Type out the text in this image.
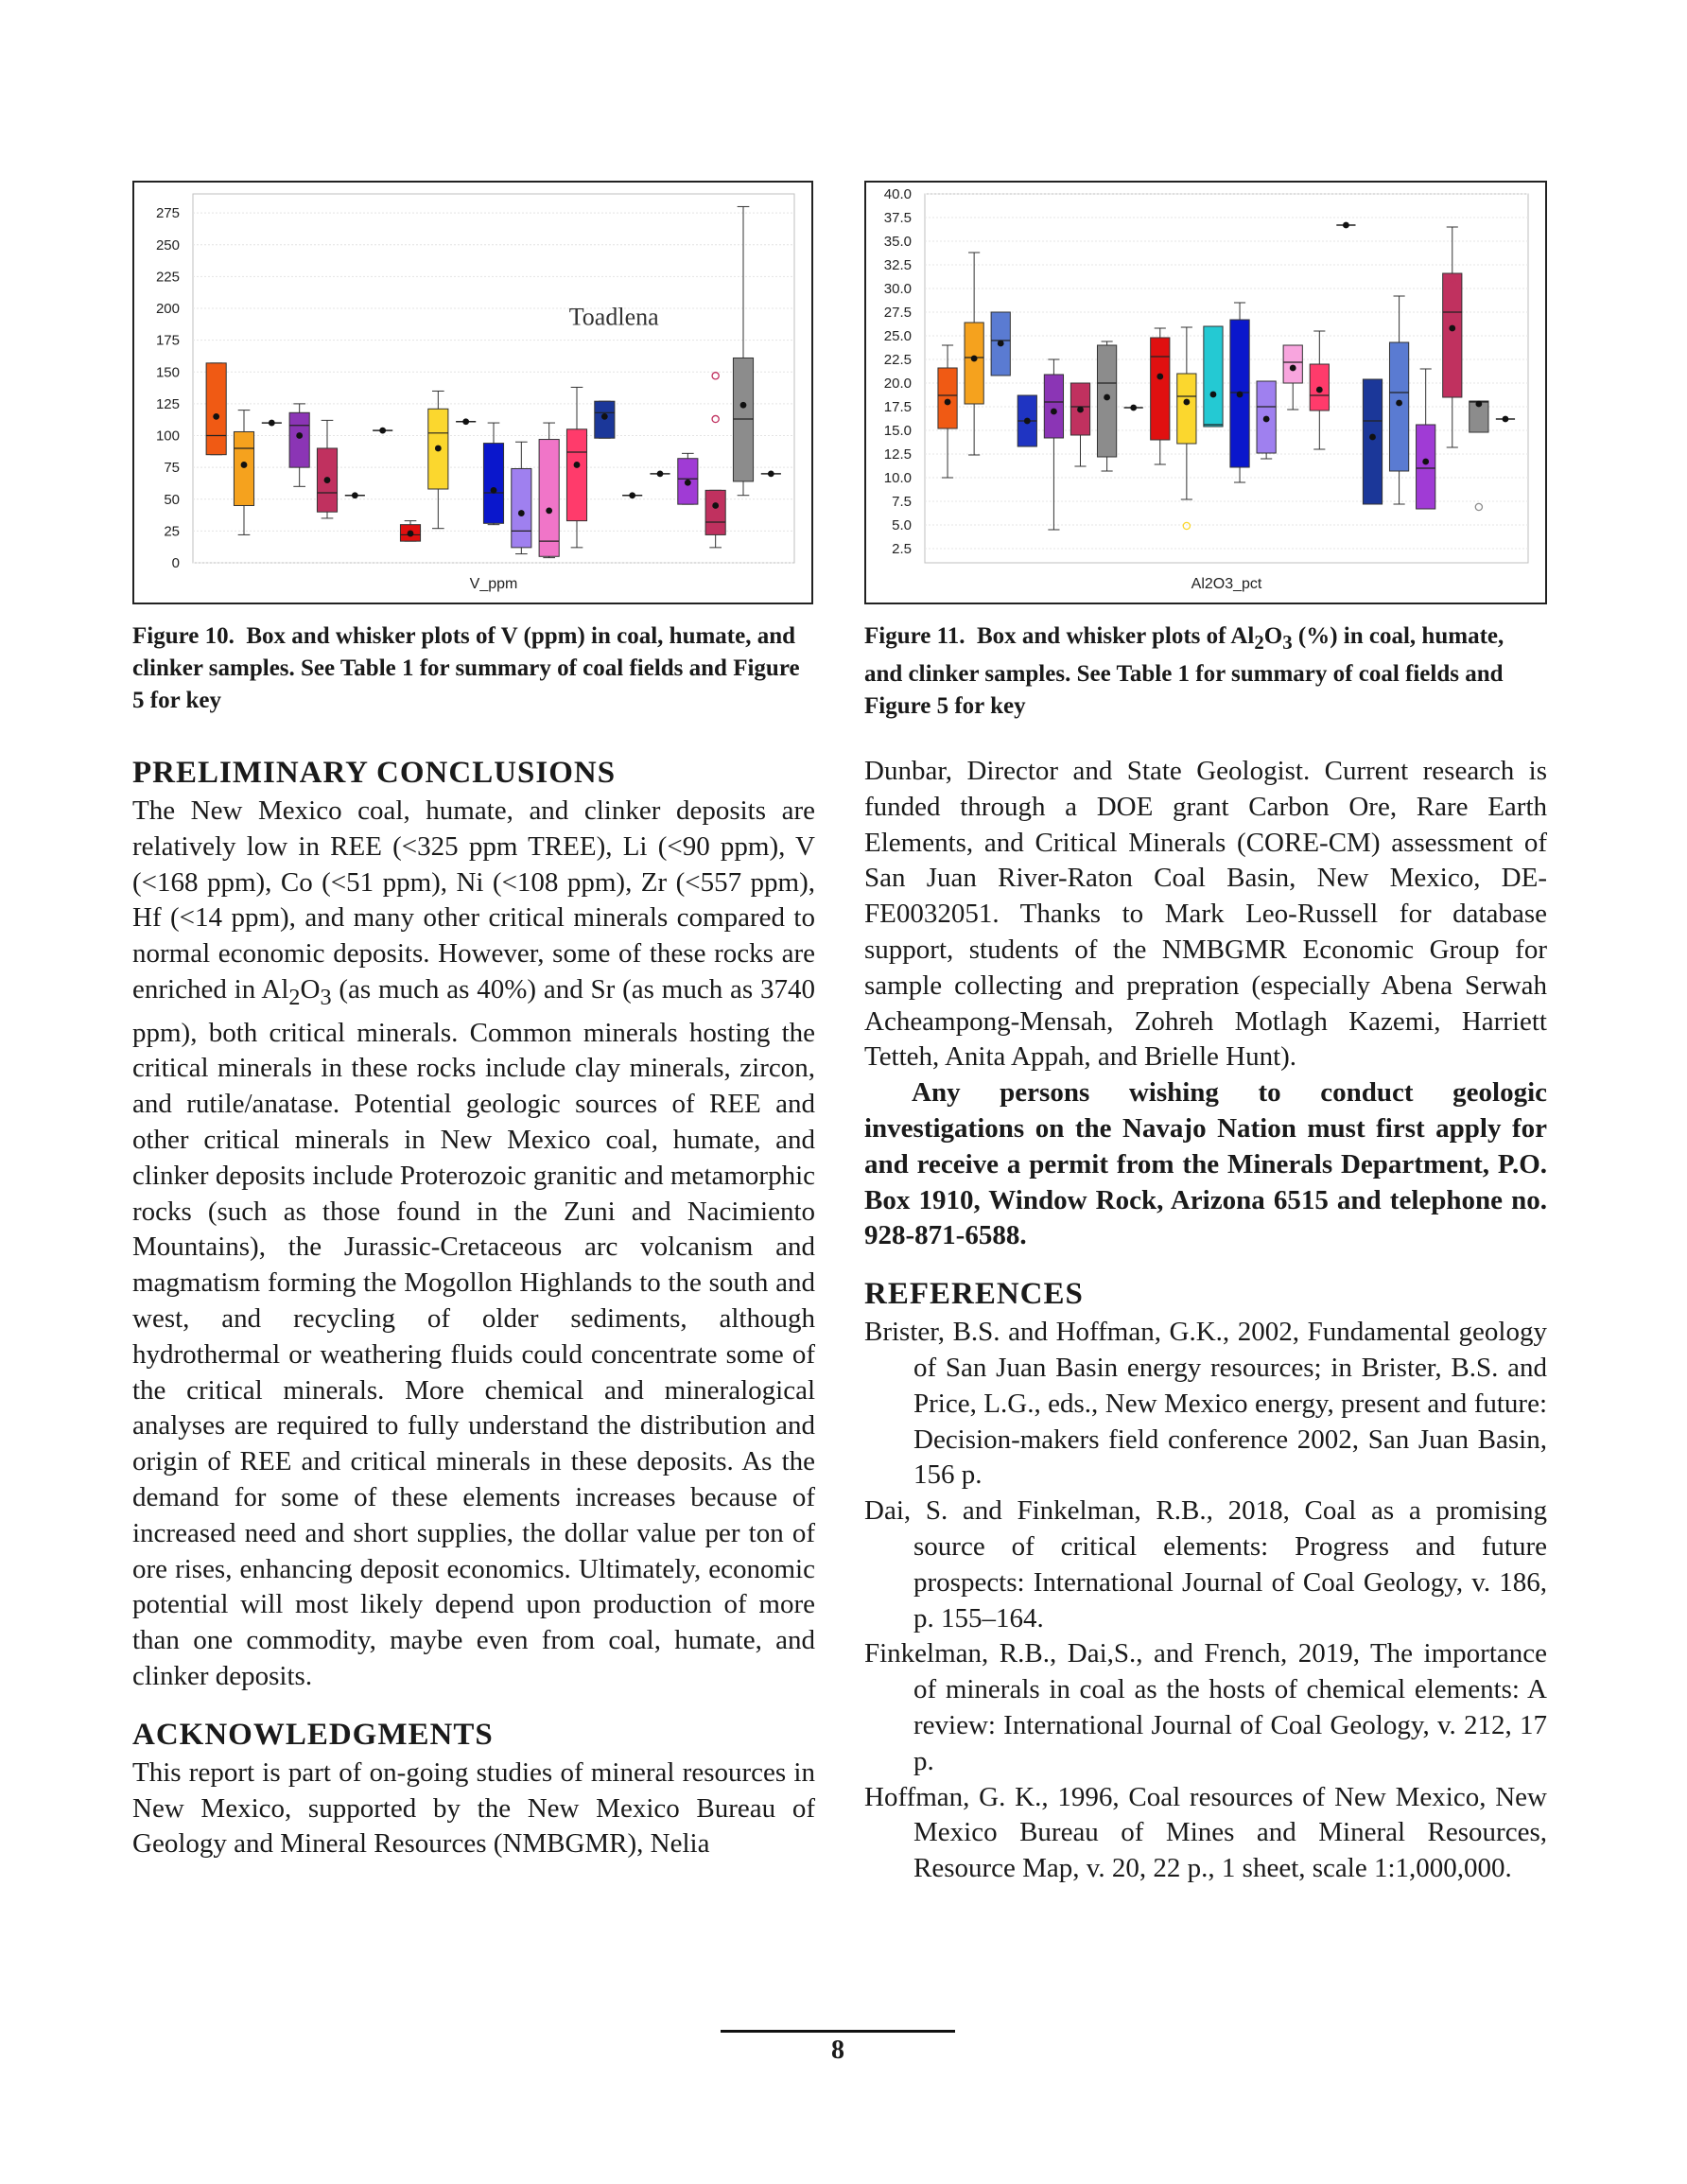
0
25
50
75
100
125
150
175
200
225
250
275
V_ppm
Toadlena
Figure 10.  Box and whisker plots of V (ppm) in coal, humate, and clinker samples. See Table 1 for summary of coal fields and Figure 5 for key
2.5
5.0
7.5
10.0
12.5
15.0
17.5
20.0
22.5
25.0
27.5
30.0
32.5
35.0
37.5
40.0
Al2O3_pct
Figure 11.  Box and whisker plots of $Al_2O_3$ (%) in coal, humate, and clinker samples. See Table 1 for summary of coal fields and Figure 5 for key
PRELIMINARY CONCLUSIONS

The New Mexico coal, humate, and clinker deposits are relatively low in REE (<325 ppm TREE), Li (<90 ppm), V (<168 ppm), Co (<51 ppm), Ni (<108 ppm), Zr (<557 ppm), Hf (<14 ppm), and many other critical minerals compared to normal economic deposits. However, some of these rocks are enriched in $Al_2O_3$ (as much as 40%) and Sr (as much as 3740 ppm), both critical minerals. Common minerals hosting the critical minerals in these rocks include clay minerals, zircon, and rutile/anatase. Potential geologic sources of REE and other critical minerals in New Mexico coal, humate, and clinker deposits include Proterozoic granitic and metamorphic rocks (such as those found in the Zuni and Nacimiento Mountains), the Jurassic-Cretaceous arc volcanism and magmatism forming the Mogollon Highlands to the south and west, and recycling of older sediments, although hydrothermal or weathering fluids could concentrate some of the critical minerals. More chemical and mineralogical analyses are required to fully understand the distribution and origin of REE and critical minerals in these deposits. As the demand for some of these elements increases because of increased need and short supplies, the dollar value per ton of ore rises, enhancing deposit economics. Ultimately, economic potential will most likely depend upon production of more than one commodity, maybe even from coal, humate, and clinker deposits.

ACKNOWLEDGMENTS

This report is part of on-going studies of mineral resources in New Mexico, supported by the New Mexico Bureau of Geology and Mineral Resources (NMBGMR), Nelia

Dunbar, Director and State Geologist. Current research is funded through a DOE grant Carbon Ore, Rare Earth Elements, and Critical Minerals (CORE-CM) assessment of San Juan River-Raton Coal Basin, New Mexico, DE-FE0032051. Thanks to Mark Leo-Russell for database support, students of the NMBGMR Economic Group for sample collecting and prepration (especially Abena Serwah Acheampong-Mensah, Zohreh Motlagh Kazemi, Harriett Tetteh, Anita Appah, and Brielle Hunt).

Any persons wishing to conduct geologic investigations on the Navajo Nation must first apply for and receive a permit from the Minerals Department, P.O. Box 1910, Window Rock, Arizona 6515 and telephone no. 928-871-6588.

REFERENCES

Brister, B.S. and Hoffman, G.K., 2002, Fundamental geology of San Juan Basin energy resources; in Brister, B.S. and Price, L.G., eds., New Mexico energy, present and future: Decision-makers field conference 2002, San Juan Basin, 156 p.

Dai, S. and Finkelman, R.B., 2018, Coal as a promising source of critical elements: Progress and future prospects: International Journal of Coal Geology, v. 186, p. 155–164.

Finkelman, R.B., Dai,S., and French, 2019, The importance of minerals in coal as the hosts of chemical elements: A review: International Journal of Coal Geology, v. 212, 17 p.

Hoffman, G. K., 1996, Coal resources of New Mexico, New Mexico Bureau of Mines and Mineral Resources, Resource Map, v. 20, 22 p., 1 sheet, scale 1:1,000,000.

8
